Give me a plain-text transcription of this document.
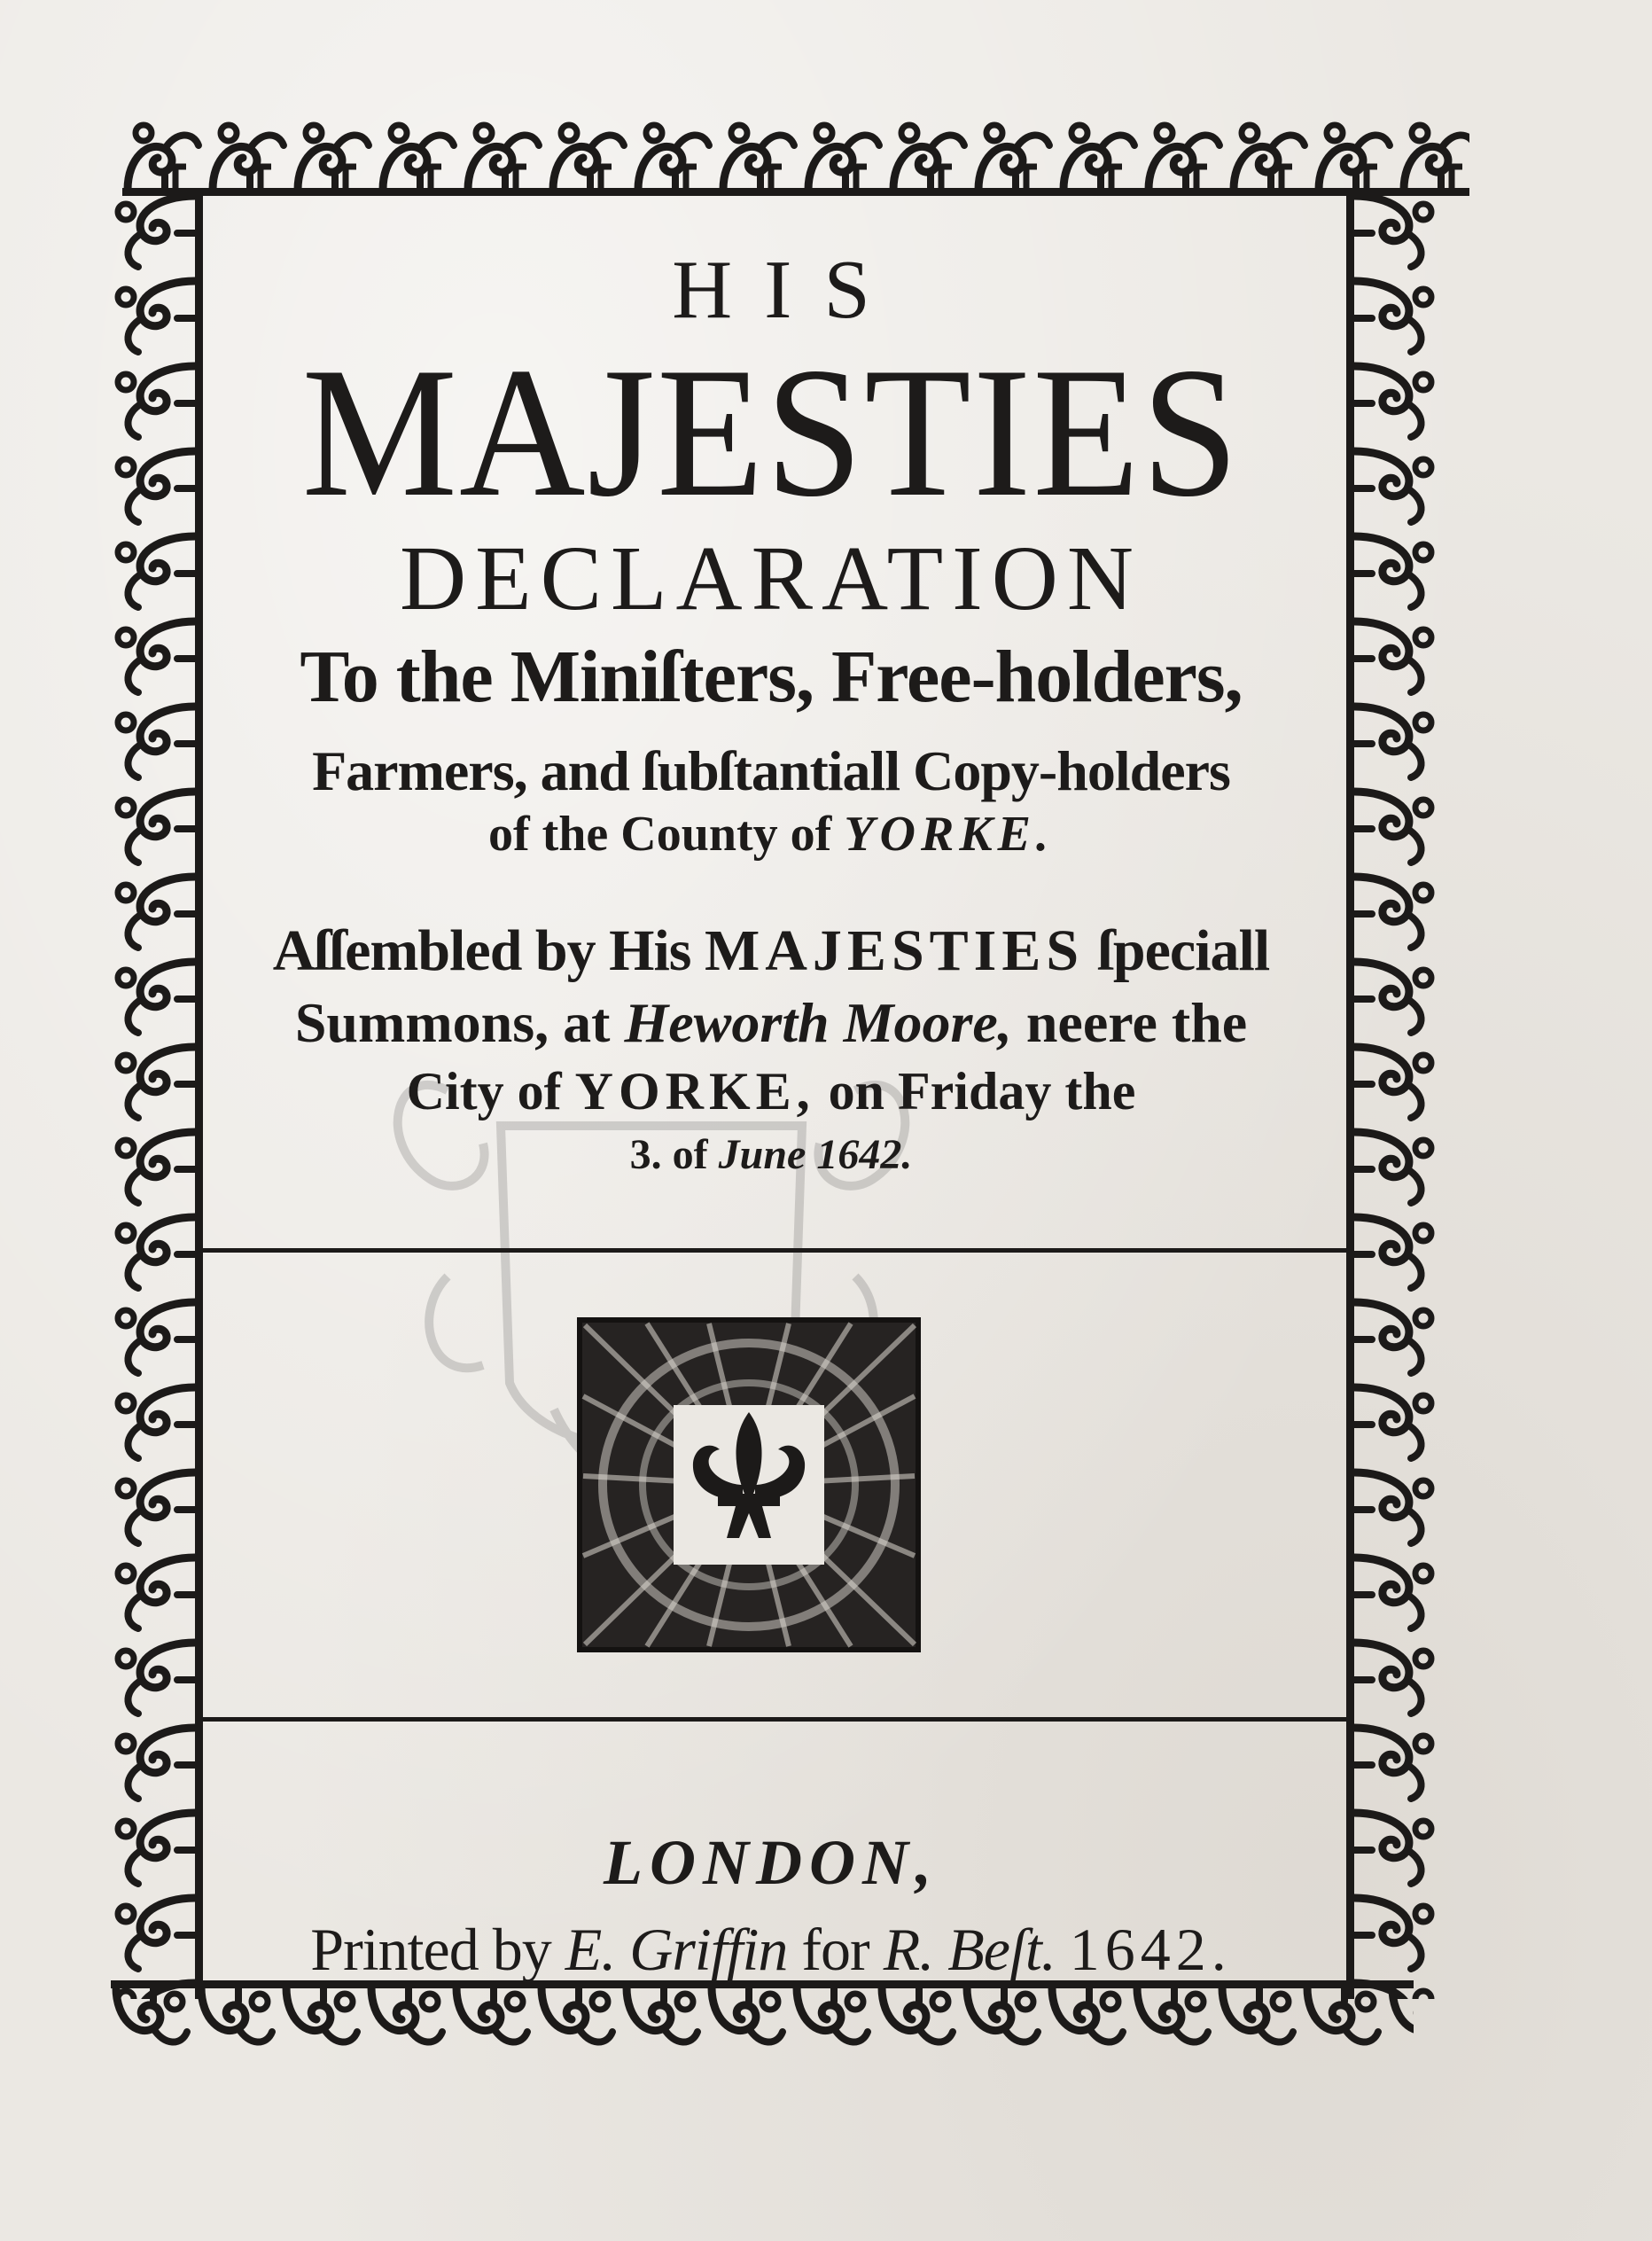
HIS
MAJESTIES
DECLARATION
To the Miniſters, Free-holders,
Farmers, and ſubſtantiall Copy-holders
of the County of YORKE.
Aſſembled by His MAJESTIES ſpeciall
Summons, at Heworth Moore, neere the
City of YORKE, on Friday the
3. of June 1642.
LONDON,
Printed by E. Griffin for R. Beſt. 1642.
